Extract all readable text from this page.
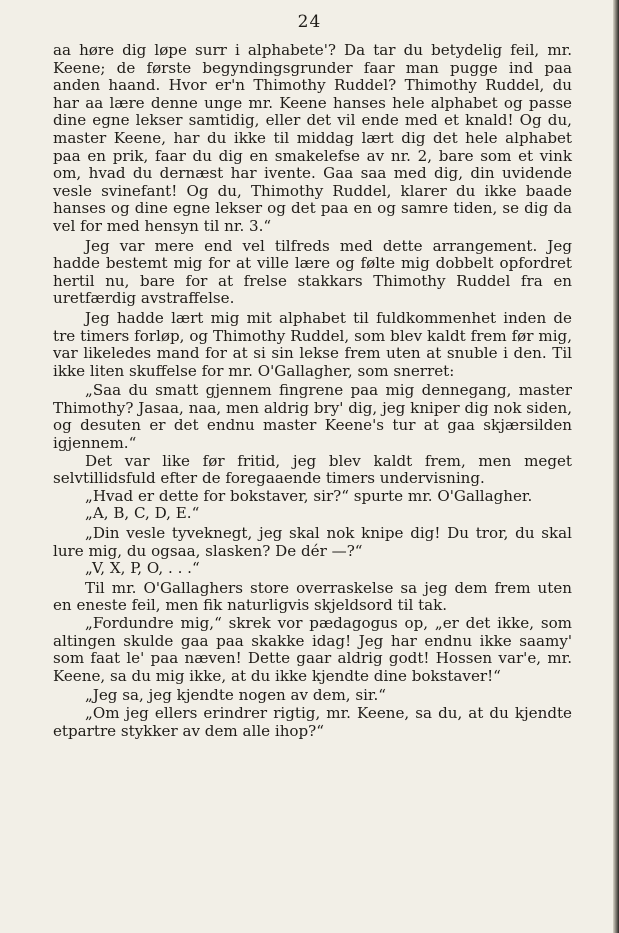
24

aa høre dig løpe surr i alphabete'? Da tar du betydelig feil, mr. Keene; de første begyndingsgrunder faar man pugge ind paa anden haand. Hvor er'n Thimothy Ruddel? Thimothy Ruddel, du har aa lære denne unge mr. Keene hanses hele alphabet og passe dine egne lekser samtidig, eller det vil ende med et knald! Og du, master Keene, har du ikke til middag lært dig det hele alphabet paa en prik, faar du dig en smakelefse av nr. 2, bare som et vink om, hvad du dernæst har ivente. Gaa saa med dig, din uvidende vesle svinefant! Og du, Thimothy Ruddel, klarer du ikke baade hanses og dine egne lekser og det paa en og samre tiden, se dig da vel for med hensyn til nr. 3.“

Jeg var mere end vel tilfreds med dette arrangement. Jeg hadde bestemt mig for at ville lære og følte mig dobbelt opfordret hertil nu, bare for at frelse stakkars Thimothy Ruddel fra en uretfærdig avstraffelse.

Jeg hadde lært mig mit alphabet til fuldkommenhet inden de tre timers forløp, og Thimothy Ruddel, som blev kaldt frem før mig, var likeledes mand for at si sin lekse frem uten at snuble i den. Til ikke liten skuffelse for mr. O'Gallagher, som snerret:

„Saa du smatt gjennem fingrene paa mig dennegang, master Thimothy? Jasaa, naa, men aldrig bry' dig, jeg kniper dig nok siden, og desuten er det endnu master Keene's tur at gaa skjærsilden igjennem.“

Det var like før fritid, jeg blev kaldt frem, men meget selvtillidsfuld efter de foregaaende timers undervisning.

„Hvad er dette for bokstaver, sir?“ spurte mr. O'Gallagher.

„A, B, C, D, E.“

„Din vesle tyveknegt, jeg skal nok knipe dig! Du tror, du skal lure mig, du ogsaa, slasken? De dér —?“

„V, X, P, O, . . .“

Til mr. O'Gallaghers store overraskelse sa jeg dem frem uten en eneste feil, men fik naturligvis skjeldsord til tak.

„Fordundre mig,“ skrek vor pædagogus op, „er det ikke, som altingen skulde gaa paa skakke idag! Jeg har endnu ikke saamy' som faat le' paa næven! Dette gaar aldrig godt! Hossen var'e, mr. Keene, sa du mig ikke, at du ikke kjendte dine bokstaver!“

„Jeg sa, jeg kjendte nogen av dem, sir.“

„Om jeg ellers erindrer rigtig, mr. Keene, sa du, at du kjendte etpartre stykker av dem alle ihop?“
